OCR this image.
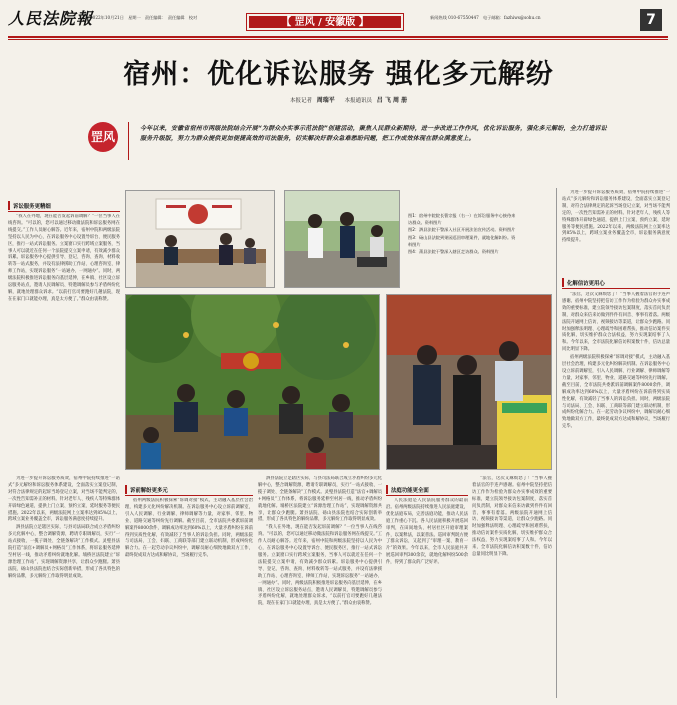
人民法院報
2022年10月21日　星期一　责任编辑：　责任编辑　校对	【 罡风 / 安徽版 】	新闻热线 010-67550447　电子邮箱：fazhiws@sohu.cn	7
宿州：优化诉讼服务 强化多元解纷
本报记者 周瑞平 本报通讯员 吕 飞 周 册
罡风
今年以来，安徽省宿州市两级法院结合开展“为群众办实事示范法院”创建活动，聚焦人民群众新期待，进一步改进工作作风，优化诉讼服务，强化多元解纷，全力打造诉讼服务升级版，努力为群众提供更加便捷高效的司法服务，切实解决好群众急难愁盼问题，把工作成效体现在群众满意度上。
诉讼服务更精细

“我人在外地，现在能否发起诉前调解？”一位当事人在线咨询。“可以的，您可以通过移动微法院和诉讼服务网在线提交。”工作人员耐心解答。近年来，宿州中院和两级法院坚持以人民为中心，在诉讼服务中心设置导诉台、便民服务区，推行一站式诉讼服务。立案窗口实行跨域立案服务，当事人可以就近在任何一个法院提交立案申请，有效减少群众诉累。诉讼服务中心提供引导、登记、咨询、查询、材料收转等一站式服务，并设有法律援助工作站、心理咨询室、律师工作站，实现诉讼服务“一站通办、一网通办”。同时，两级法院积极推进诉讼服务向基层延伸，在乡镇、社区设立诉讼服务站点，邀请人民调解员、特邀调解员参与矛盾纠纷化解，就地处理群众诉求。“以前打官司要跑好几趟法院，现在在家门口就能办理，真是太方便了。”群众由衷称赞。

图1：宿州中院院长曹宗报（右一）在诉讼服务中心接待来访群众。资料图片
图2：泗县法院干警深入社区开展法治宣传活动。资料图片
图3：砀山县法院到果园巡回审理案件，就地化解纠纷。资料图片
图4：萧县法院干警深入辖区走访群众。资料图片

为进一步提升诉讼服务质效，宿州中院持续推进“一站式”多元解纷和诉讼服务体系建设，全面落实立案登记制，对符合法律规定的起诉当场登记立案，对当场不能判定的，一次性告知需补正的材料。针对老年人、残疾人等特殊群体开辟绿色通道，提供上门立案、预约立案、延时服务等便民措施。2022年以来，两级法院网上立案率达到85%以上，跨域立案业务覆盖全市，诉讼服务满意度持续提升。

化解信访更用心

“法官，这次又麻烦您了！”当事人握着法官的手连声感谢。宿州中院坚持把信访工作作为检验为群众办实事成效的重要标准，建立院领导接访包案制度，落实首问负责制，对群众来信来访做到件件有回音、事事有着落。两级法院开通网上信访、视频接访等渠道，让群众少跑路。同时加强释法明理、心理疏导和困难帮扶，推动信访案件实质化解，切实维护群众合法权益，努力实现案结事了人和。今年以来，全市法院化解信访积案数十件，信访总量同比明显下降。

宿州两级法院积极探索“诉调对接”模式，主动融入基层社会治理，构建多元化纠纷解决机制。在诉讼服务中心设立诉前调解室，引入人民调解、行业调解、律师调解等力量，对家事、邻里、物业、道路交通等纠纷先行调解。截至目前，全市法院共委派诉前调解案件8000余件，调解成功率达到60%以上，大量矛盾纠纷在诉前得到实质性化解，有效减轻了当事人的诉讼负担。同时，两级法院与司法局、工会、妇联、工商联等部门建立联动机制，形成纠纷化解合力。在一起劳动争议纠纷中，调解员耐心细致地做双方工作，最终促成双方达成和解协议，当场履行完毕。

诉前解纷更多元	法庭功能更全面

为进一步提升诉讼服务质效，宿州中院持续推进“一站式”多元解纷和诉讼服务体系建设，全面落实立案登记制，对符合法律规定的起诉当场登记立案，对当场不能判定的，一次性告知需补正的材料。针对老年人、残疾人等特殊群体开辟绿色通道，提供上门立案、预约立案、延时服务等便民措施。2022年以来，两级法院网上立案率达到85%以上，跨域立案业务覆盖全市，诉讼服务满意度持续提升。

泗县法院立足辖区实际，与县司法局联合成立矛盾纠纷多元化解中心，整合调解资源，聘请专职调解员，实行“一站式接收、一揽子调处、全链条解决”工作模式。灵璧县法院打造“法官+调解员+网格员”工作体系，将诉讼服务延伸至村居一线，推动矛盾纠纷就地化解。埇桥区法院建立“诉源治理工作站”，实现调解资源共享，让群众少跑腿。萧县法院、砀山县法院也结合实际创新举措，形成了各具特色的解纷品牌，多元解纷工作取得明显成效。

宿州两级法院积极探索“诉调对接”模式，主动融入基层社会治理，构建多元化纠纷解决机制。在诉讼服务中心设立诉前调解室，引入人民调解、行业调解、律师调解等力量，对家事、邻里、物业、道路交通等纠纷先行调解。截至目前，全市法院共委派诉前调解案件8000余件，调解成功率达到60%以上，大量矛盾纠纷在诉前得到实质性化解，有效减轻了当事人的诉讼负担。同时，两级法院与司法局、工会、妇联、工商联等部门建立联动机制，形成纠纷化解合力。在一起劳动争议纠纷中，调解员耐心细致地做双方工作，最终促成双方达成和解协议，当场履行完毕。

泗县法院立足辖区实际，与县司法局联合成立矛盾纠纷多元化解中心，整合调解资源，聘请专职调解员，实行“一站式接收、一揽子调处、全链条解决”工作模式。灵璧县法院打造“法官+调解员+网格员”工作体系，将诉讼服务延伸至村居一线，推动矛盾纠纷就地化解。埇桥区法院建立“诉源治理工作站”，实现调解资源共享，让群众少跑腿。萧县法院、砀山县法院也结合实际创新举措，形成了各具特色的解纷品牌，多元解纷工作取得明显成效。

“我人在外地，现在能否发起诉前调解？”一位当事人在线咨询。“可以的，您可以通过移动微法院和诉讼服务网在线提交。”工作人员耐心解答。近年来，宿州中院和两级法院坚持以人民为中心，在诉讼服务中心设置导诉台、便民服务区，推行一站式诉讼服务。立案窗口实行跨域立案服务，当事人可以就近在任何一个法院提交立案申请，有效减少群众诉累。诉讼服务中心提供引导、登记、咨询、查询、材料收转等一站式服务，并设有法律援助工作站、心理咨询室、律师工作站，实现诉讼服务“一站通办、一网通办”。同时，两级法院积极推进诉讼服务向基层延伸，在乡镇、社区设立诉讼服务站点，邀请人民调解员、特邀调解员参与矛盾纠纷化解，就地处理群众诉求。“以前打官司要跑好几趟法院，现在在家门口就能办理，真是太方便了。”群众由衷称赞。

人民法庭是人民法院服务群众的最前沿。宿州两级法院持续推进人民法庭建设，优化法庭布局，完善法庭功能，推动人民法庭工作重心下沉。各人民法庭积极开展巡回审判，在田间地头、村居社区开庭审理案件，以案释法，以案普法。巡回审判既方便了群众诉讼，又起到了“审理一案、教育一片”的效果。今年以来，全市人民法庭共开展巡回审判300余次，就地化解纠纷500余件，得到了群众的广泛好评。

“法官，这次又麻烦您了！”当事人握着法官的手连声感谢。宿州中院坚持把信访工作作为检验为群众办实事成效的重要标准，建立院领导接访包案制度，落实首问负责制，对群众来信来访做到件件有回音、事事有着落。两级法院开通网上信访、视频接访等渠道，让群众少跑路。同时加强释法明理、心理疏导和困难帮扶，推动信访案件实质化解，切实维护群众合法权益，努力实现案结事了人和。今年以来，全市法院化解信访积案数十件，信访总量同比明显下降。
